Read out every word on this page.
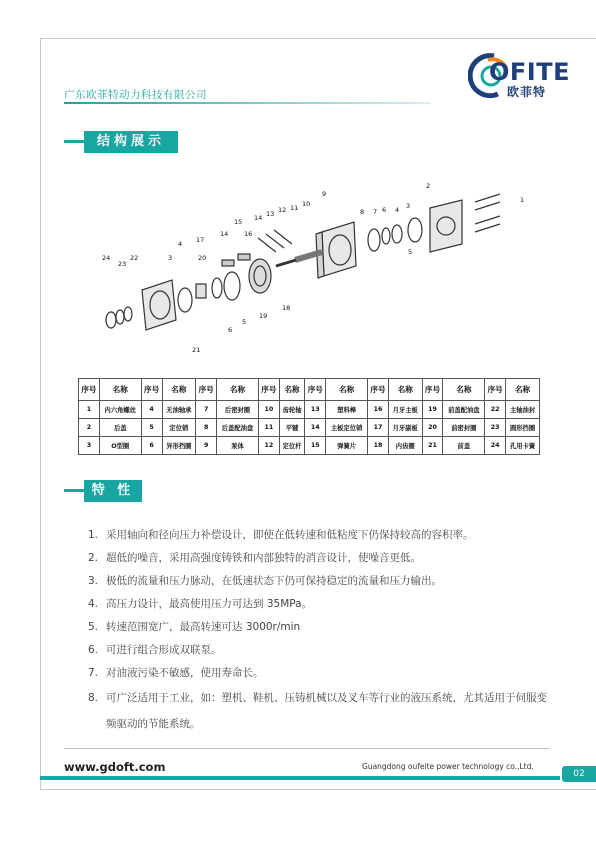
广东欧菲特动力科技有限公司
OFITE
欧菲特
结构展示
1
2
3
4
5
6
7
8
9
10
11
12
13
14
15
16
17
18
19
20
21
22
23
24
4
3
6
5
14
序号	名称	序号	名称	序号	名称	序号	名称	序号	名称	序号	名称	序号	名称	序号	名称
1	内六角螺丝	4	无油轴承	7	后密封圈	10	齿轮轴	13	塑料棒	16	月牙主板	19	前盖配油盘	22	主轴油封
2	后盖	5	定位销	8	后盖配油盘	11	平键	14	主板定位销	17	月牙副板	20	前密封圈	23	圆形挡圈
3	O型圈	6	异形挡圈	9	泵体	12	定位杆	15	弹簧片	18	内齿圈	21	前盖	24	孔用卡簧
特 性
1. 采用轴向和径向压力补偿设计，即使在低转速和低粘度下仍保持较高的容积率。
2. 超低的噪音，采用高强度铸铁和内部独特的消音设计，使噪音更低。
3. 极低的流量和压力脉动，在低速状态下仍可保持稳定的流量和压力输出。
4. 高压力设计，最高使用压力可达到 35MPa。
5. 转速范围宽广，最高转速可达 3000r/min
6. 可进行组合形成双联泵。
7. 对油液污染不敏感，使用寿命长。
8. 可广泛适用于工业，如：塑机、鞋机、压铸机械以及叉车等行业的液压系统，尤其适用于伺服变频驱动的节能系统。
www.gdoft.com	Guangdong oufeite power technology co.,Ltd.
02
